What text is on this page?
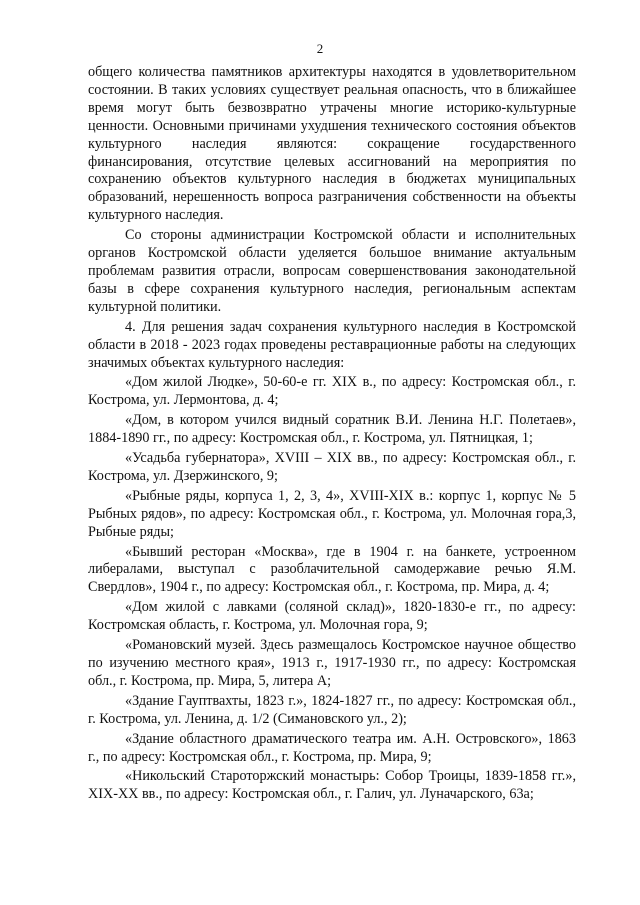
2

общего количества памятников архитектуры находятся в удовлетворительном состоянии. В таких условиях существует реальная опасность, что в ближайшее время могут быть безвозвратно утрачены многие историко-культурные ценности. Основными причинами ухудшения технического состояния объектов культурного наследия являются: сокращение государственного финансирования, отсутствие целевых ассигнований на мероприятия по сохранению объектов культурного наследия в бюджетах муниципальных образований, нерешенность вопроса разграничения собственности на объекты культурного наследия.

Со стороны администрации Костромской области и исполнительных органов Костромской области уделяется большое внимание актуальным проблемам развития отрасли, вопросам совершенствования законодательной базы в сфере сохранения культурного наследия, региональным аспектам культурной политики.

4. Для решения задач сохранения культурного наследия в Костромской области в 2018 - 2023 годах проведены реставрационные работы на следующих значимых объектах культурного наследия:

«Дом жилой Людке», 50-60-е гг. XIX в., по адресу: Костромская обл., г. Кострома, ул. Лермонтова, д. 4;

«Дом, в котором учился видный соратник В.И. Ленина Н.Г. Полетаев», 1884-1890 гг., по адресу: Костромская обл., г. Кострома, ул. Пятницкая, 1;

«Усадьба губернатора», XVIII – XIX вв., по адресу: Костромская обл., г. Кострома, ул. Дзержинского, 9;

«Рыбные ряды, корпуса 1, 2, 3, 4», XVIII-XIX в.: корпус 1, корпус № 5 Рыбных рядов», по адресу: Костромская обл., г. Кострома, ул. Молочная гора,3, Рыбные ряды;

«Бывший ресторан «Москва», где в 1904 г. на банкете, устроенном либералами, выступал с разоблачительной самодержавие речью Я.М. Свердлов», 1904 г., по адресу: Костромская обл., г. Кострома, пр. Мира, д. 4;

«Дом жилой с лавками (соляной склад)», 1820-1830-е гг., по адресу: Костромская область, г. Кострома, ул. Молочная гора, 9;

«Романовский музей. Здесь размещалось Костромское научное общество по изучению местного края», 1913 г., 1917-1930 гг., по адресу: Костромская обл., г. Кострома, пр. Мира, 5, литера А;

«Здание Гауптвахты, 1823 г.», 1824-1827 гг., по адресу: Костромская обл., г. Кострома, ул. Ленина, д. 1/2 (Симановского ул., 2);

«Здание областного драматического театра им. А.Н. Островского», 1863 г., по адресу: Костромская обл., г. Кострома, пр. Мира, 9;

«Никольский Староторжский монастырь: Собор Троицы, 1839-1858 гг.», XIX-XX вв., по адресу: Костромская обл., г. Галич, ул. Луначарского, 63а;
